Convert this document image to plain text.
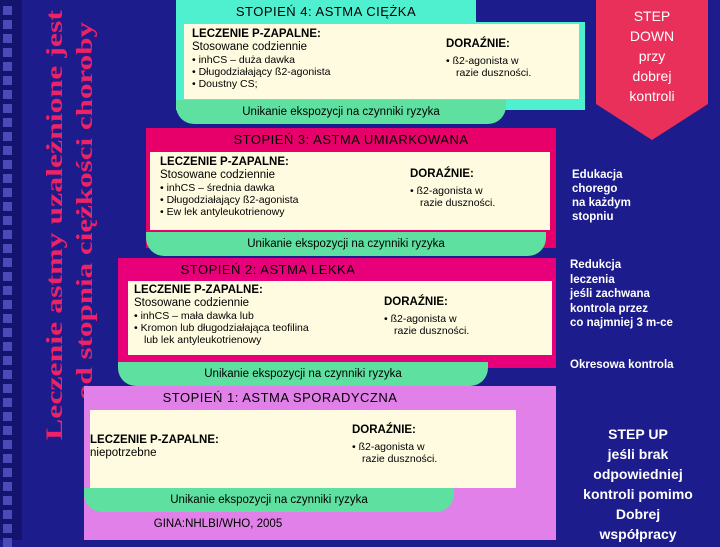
Leczenie astmy uzależnione jest od stopnia ciężkości choroby
STOPIEŃ 4: ASTMA CIĘŻKA
LECZENIE P-ZAPALNE:
Stosowane codziennie
• inhCS – duża dawka
• Długodziałający ß2-agonista
• Doustny CS;
DORAŹNIE:
• ß2-agonista w
razie duszności.
Unikanie ekspozycji na czynniki ryzyka
STOPIEŃ 3: ASTMA UMIARKOWANA
LECZENIE P-ZAPALNE:
Stosowane codziennie
• inhCS – średnia dawka
• Długodziałający ß2-agonista
• Ew lek antyleukotrienowy
DORAŹNIE:
• ß2-agonista w
razie duszności.
Unikanie ekspozycji na czynniki ryzyka
STOPIEŃ 2: ASTMA LEKKA
LECZENIE P-ZAPALNE:
Stosowane codziennie
• inhCS – mała dawka lub
• Kromon lub długodziałająca teofilina
lub lek antyleukotrienowy
DORAŹNIE:
• ß2-agonista w
razie duszności.
Unikanie ekspozycji na czynniki ryzyka
STOPIEŃ 1: ASTMA SPORADYCZNA
LECZENIE P-ZAPALNE:
niepotrzebne
DORAŹNIE:
• ß2-agonista w
razie duszności.
Unikanie ekspozycji na czynniki ryzyka
GINA:NHLBI/WHO, 2005
STEP
DOWN
przy
dobrej
kontroli
Edukacja
chorego
na każdym
stopniu
Redukcja
leczenia
jeśli zachwana
kontrola przez
co najmniej 3 m-ce
Okresowa kontrola
STEP UP
jeśli brak
odpowiedniej
kontroli pomimo
Dobrej
współpracy
